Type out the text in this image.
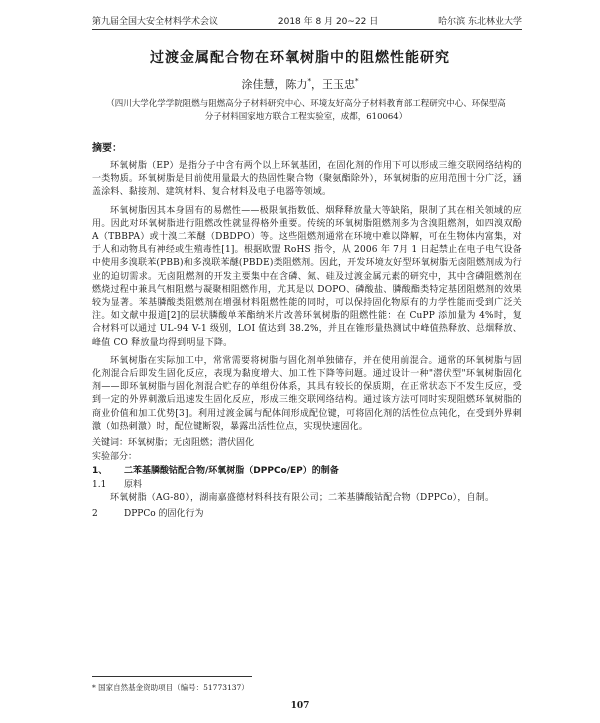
第九届全国大安全材料学术会议	2018 年 8 月 20~22 日	哈尔滨 东北林业大学
过渡金属配合物在环氧树脂中的阻燃性能研究
涂佳慧，陈力*，王玉忠*
（四川大学化学学院阻燃与阻燃高分子材料研究中心、环境友好高分子材料教育部工程研究中心、环保型高分子材料国家地方联合工程实验室，成都，610064）
摘要：

环氧树脂（EP）是指分子中含有两个以上环氧基团，在固化剂的作用下可以形成三维交联网络结构的一类物质。环氧树脂是目前使用量最大的热固性聚合物（聚氨酯除外），环氧树脂的应用范围十分广泛，涵盖涂料、黏接剂、建筑材料、复合材料及电子电器等领域。

环氧树脂因其本身固有的易燃性——极限氧指数低、烟释释放量大等缺陷，限制了其在相关领域的应用。因此对环氧树脂进行阻燃改性就显得格外重要。传统的环氧树脂阻燃剂多为含溴阻燃剂，如四溴双酚 A（TBBPA）或十溴二苯醚（DBDPO）等。这些阻燃剂通常在环境中难以降解，可在生物体内富集，对于人和动物具有神经或生殖毒性[1]。根据欧盟 RoHS 指令，从 2006 年 7月 1 日起禁止在电子电气设备中使用多溴联苯(PBB)和多溴联苯醚(PBDE)类阻燃剂。因此，开发环境友好型环氧树脂无卤阻燃剂成为行业的迫切需求。无卤阻燃剂的开发主要集中在含磷、氮、硅及过渡金属元素的研究中，其中含磷阻燃剂在燃烧过程中兼具气相阻燃与凝聚相阻燃作用，尤其是以 DOPO、磷酸盐、膦酸酯类特定基团阻燃剂的效果较为显著。苯基膦酸类阻燃剂在增强材料阻燃性能的同时，可以保持固化物原有的力学性能而受到广泛关注。如文献中报道[2]的层状膦酸单苯酯纳米片改善环氧树脂的阻燃性能：在 CuPP 添加量为 4%时，复合材料可以通过 UL-94 V-1 级别，LOI 值达到 38.2%，并且在锥形量热测试中峰值热释放、总烟释放、峰值 CO 释放量均得到明显下降。

环氧树脂在实际加工中，常常需要将树脂与固化剂单独储存，并在使用前混合。通常的环氧树脂与固化剂混合后即发生固化反应，表现为黏度增大、加工性下降等问题。通过设计一种"潜伏型"环氧树脂固化剂——即环氧树脂与固化剂混合贮存的单组份体系，其具有较长的保质期，在正常状态下不发生反应，受到一定的外界刺激后迅速发生固化反应，形成三维交联网络结构。通过该方法可同时实现阻燃环氧树脂的商业价值和加工优势[3]。利用过渡金属与配体间形成配位键，可将固化剂的活性位点钝化，在受到外界刺激（如热刺激）时，配位键断裂，暴露出活性位点，实现快速固化。

关键词：环氧树脂；无卤阻燃；潜伏固化

实验部分：

1、	二苯基膦酸钴配合物/环氧树脂（DPPCo/EP）的制备

1.1	原料

环氧树脂（AG-80），湖南嘉盛德材料科技有限公司；二苯基膦酸钴配合物（DPPCo），自制。

2	DPPCo 的固化行为

* 国家自然基金资助项目（编号：51773137）
107
